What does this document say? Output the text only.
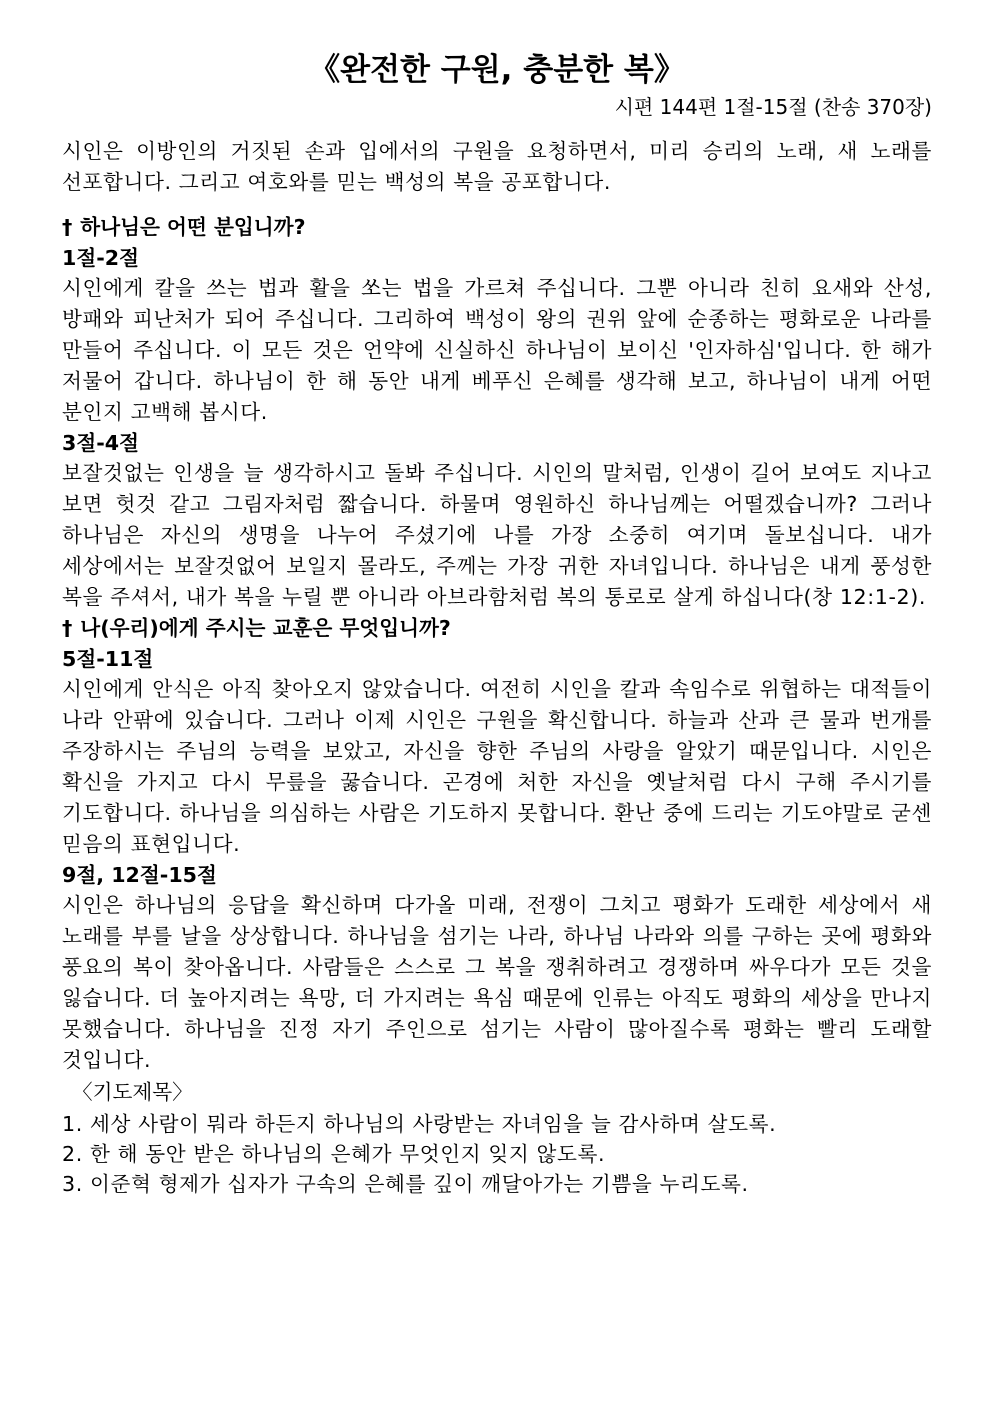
《완전한 구원, 충분한 복》

시편 144편 1절-15절 (찬송 370장)

시인은 이방인의 거짓된 손과 입에서의 구원을 요청하면서, 미리 승리의 노래, 새 노래를 선포합니다. 그리고 여호와를 믿는 백성의 복을 공포합니다.

† 하나님은 어떤 분입니까?

1절-2절

시인에게 칼을 쓰는 법과 활을 쏘는 법을 가르쳐 주십니다. 그뿐 아니라 친히 요새와 산성, 방패와 피난처가 되어 주십니다. 그리하여 백성이 왕의 권위 앞에 순종하는 평화로운 나라를 만들어 주십니다. 이 모든 것은 언약에 신실하신 하나님이 보이신 '인자하심'입니다. 한 해가 저물어 갑니다. 하나님이 한 해 동안 내게 베푸신 은혜를 생각해 보고, 하나님이 내게 어떤 분인지 고백해 봅시다.

3절-4절

보잘것없는 인생을 늘 생각하시고 돌봐 주십니다. 시인의 말처럼, 인생이 길어 보여도 지나고 보면 헛것 같고 그림자처럼 짧습니다. 하물며 영원하신 하나님께는 어떨겠습니까? 그러나 하나님은 자신의 생명을 나누어 주셨기에 나를 가장 소중히 여기며 돌보십니다. 내가 세상에서는 보잘것없어 보일지 몰라도, 주께는 가장 귀한 자녀입니다. 하나님은 내게 풍성한 복을 주셔서, 내가 복을 누릴 뿐 아니라 아브라함처럼 복의 통로로 살게 하십니다(창 12:1-2).

† 나(우리)에게 주시는 교훈은 무엇입니까?

5절-11절

시인에게 안식은 아직 찾아오지 않았습니다. 여전히 시인을 칼과 속임수로 위협하는 대적들이 나라 안팎에 있습니다. 그러나 이제 시인은 구원을 확신합니다. 하늘과 산과 큰 물과 번개를 주장하시는 주님의 능력을 보았고, 자신을 향한 주님의 사랑을 알았기 때문입니다. 시인은 확신을 가지고 다시 무릎을 꿇습니다. 곤경에 처한 자신을 옛날처럼 다시 구해 주시기를 기도합니다. 하나님을 의심하는 사람은 기도하지 못합니다. 환난 중에 드리는 기도야말로 굳센 믿음의 표현입니다.

9절, 12절-15절

시인은 하나님의 응답을 확신하며 다가올 미래, 전쟁이 그치고 평화가 도래한 세상에서 새 노래를 부를 날을 상상합니다. 하나님을 섬기는 나라, 하나님 나라와 의를 구하는 곳에 평화와 풍요의 복이 찾아옵니다. 사람들은 스스로 그 복을 쟁취하려고 경쟁하며 싸우다가 모든 것을 잃습니다. 더 높아지려는 욕망, 더 가지려는 욕심 때문에 인류는 아직도 평화의 세상을 만나지 못했습니다. 하나님을 진정 자기 주인으로 섬기는 사람이 많아질수록 평화는 빨리 도래할 것입니다.

〈기도제목〉

1. 세상 사람이 뭐라 하든지 하나님의 사랑받는 자녀임을 늘 감사하며 살도록.
2. 한 해 동안 받은 하나님의 은혜가 무엇인지 잊지 않도록.
3. 이준혁 형제가 십자가 구속의 은혜를 깊이 깨달아가는 기쁨을 누리도록.
